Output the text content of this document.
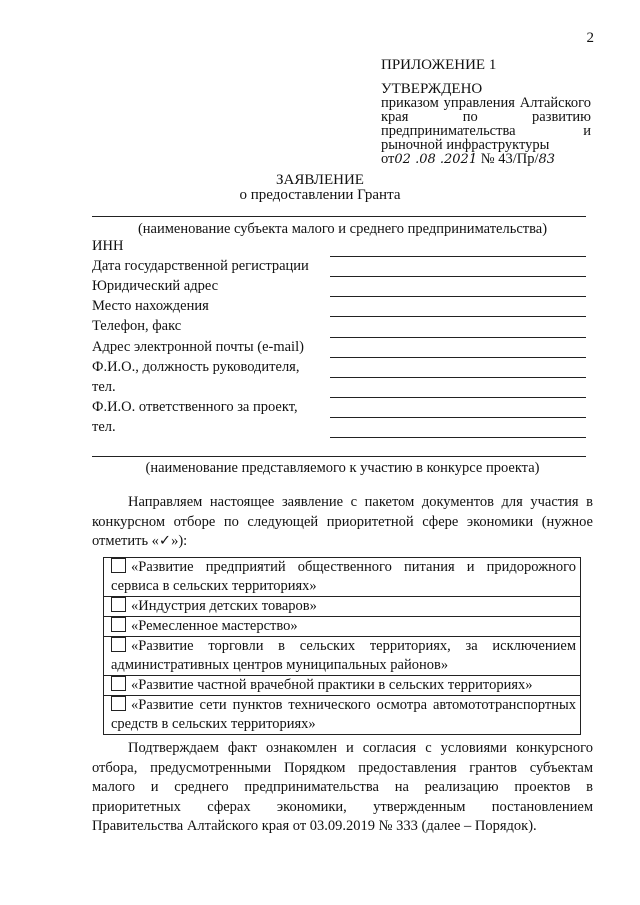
2
ПРИЛОЖЕНИЕ 1
УТВЕРЖДЕНО
приказом управления Алтайского края по развитию предпринимательства и рыночной инфраструктуры
от02 .08 .2021 № 43/Пр/83
ЗАЯВЛЕНИЕ
о предоставлении Гранта
(наименование субъекта малого и среднего предпринимательства)
ИНН
Дата государственной регистрации
Юридический адрес
Место нахождения
Телефон, факс
Адрес электронной почты (e-mail)
Ф.И.О., должность руководителя,
тел.
Ф.И.О. ответственного за проект,
тел.
(наименование представляемого к участию в конкурсе проекта)
Направляем настоящее заявление с пакетом документов для участия в конкурсном отборе по следующей приоритетной сфере экономики (нужное отметить «✓»):
«Развитие предприятий общественного питания и придорожного сервиса в сельских территориях»
«Индустрия детских товаров»
«Ремесленное мастерство»
«Развитие торговли в сельских территориях, за исключением административных центров муниципальных районов»
«Развитие частной врачебной практики в сельских территориях»
«Развитие сети пунктов технического осмотра автомототранспортных средств в сельских территориях»
Подтверждаем факт ознакомлен и согласия с условиями конкурсного отбора, предусмотренными Порядком предоставления грантов субъектам малого и среднего предпринимательства на реализацию проектов в приоритетных сферах экономики, утвержденным постановлением Правительства Алтайского края от 03.09.2019 № 333 (далее – Порядок).
